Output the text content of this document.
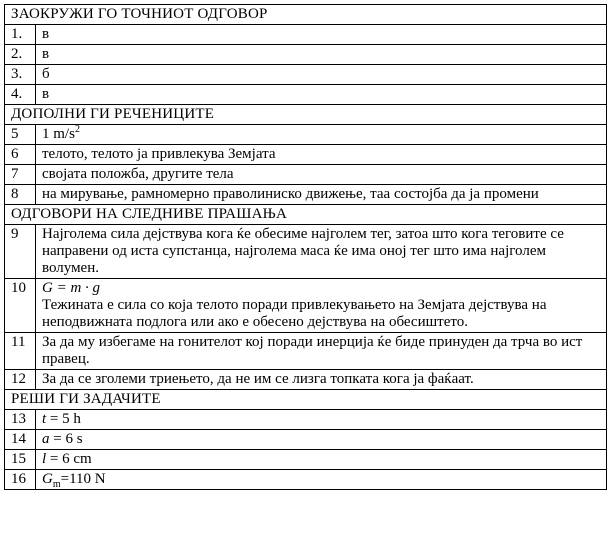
ЗАОКРУЖИ ГО ТОЧНИОТ ОДГОВОР	
1.	в
2.	в
3.	б
4.	в
ДОПОЛНИ ГИ РЕЧЕНИЦИТЕ	
5	1 $m/s^2$
6	телото, телото ја привлекува Земјата
7	својата положба, другите тела
8	на мирување, рамномерно праволиниско движење, таа состојба да ја промени
ОДГОВОРИ НА СЛЕДНИВЕ ПРАШАЊА	
9	Најголема сила дејствува кога ќе обесиме најголем тег, затоа што кога теговите се направени од иста супстанца, најголема маса ќе има оној тег што има најголем волумен.
10	G = m · g
Тежината е сила со која телото поради привлекувањето на Земјата дејствува на неподвижната подлога или ако е обесено дејствува на обесиштето.
11	За да му избегаме на гонителот кој поради инерција ќе биде принуден да трча во ист правец.
12	За да се зголеми триењето, да не им се лизга топката кога ја фаќаат.
РЕШИ ГИ ЗАДАЧИТЕ	
13	t = 5 h
14	a = 6 s
15	l = 6 cm
16	$G_m=110$ N
